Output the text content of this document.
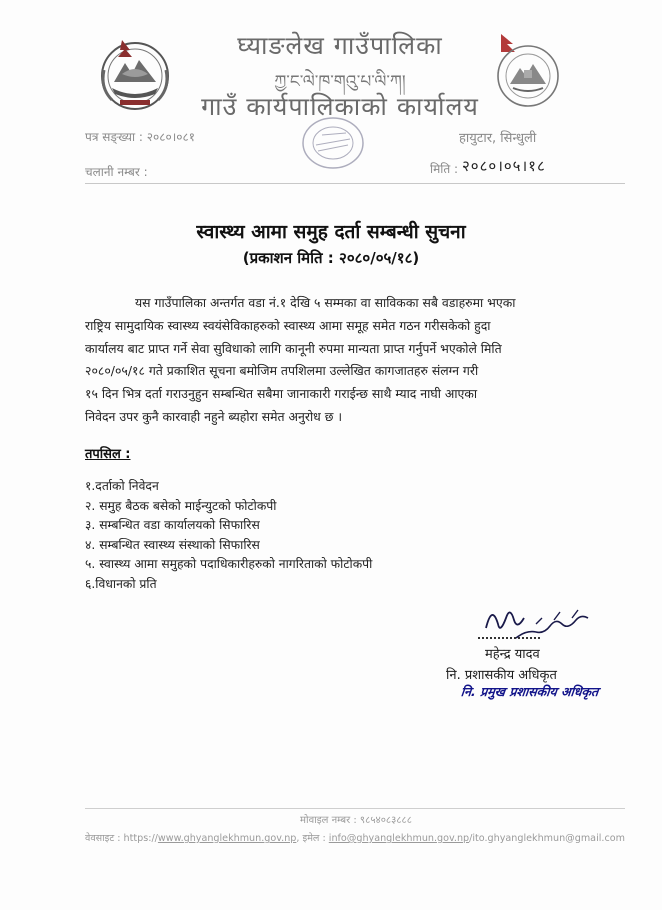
घ्याङलेख गाउँपालिका
ཀྱ་ང་ལེ་ཁ་གའུ་པ་ལི་ཀ།
गाउँ कार्यपालिकाको कार्यालय
पत्र सङ्ख्या : २०८०।०८१
चलानी नम्बर :
हायुटार, सिन्धुली
मिति : २०८०।०५।१८
स्वास्थ्य आमा समुह दर्ता सम्बन्धी सुचना
(प्रकाशन मिति : २०८०/०५/१८)
यस गाउँपालिका अन्तर्गत वडा नं.१ देखि ५ सम्मका वा साविकका सबै वडाहरुमा भएका
राष्ट्रिय सामुदायिक स्वास्थ्य स्वयंसेविकाहरुको स्वास्थ्य आमा समूह समेत गठन गरीसकेको हुदा
कार्यालय बाट प्राप्त गर्ने सेवा सुविधाको लागि कानूनी रुपमा मान्यता प्राप्त गर्नुपर्ने भएकोले मिति
२०८०/०५/१८ गते प्रकाशित सूचना बमोजिम तपशिलमा उल्लेखित कागजातहरु संलग्न गरी
१५ दिन भित्र दर्ता गराउनुहुन सम्बन्धित सबैमा जानाकारी गराईन्छ साथै म्याद नाघी आएका
निवेदन उपर कुनै कारवाही नहुने ब्यहोरा समेत अनुरोध छ ।
तपसिल :
१.दर्ताको निवेदन
२. समुह बैठक बसेको माईन्युटको फोटोकपी
३. सम्बन्धित वडा कार्यालयको सिफारिस
४. सम्बन्धित स्वास्थ्य संस्थाको सिफारिस
५. स्वास्थ्य आमा समुहको पदाधिकारीहरुको नागरिताको फोटोकपी
६.विधानको प्रति
महेन्द्र यादव
नि. प्रशासकीय अधिकृत
नि. प्रमुख प्रशासकीय अधिकृत
मोवाइल नम्बर : ९८५४०८३८८८
वेवसाइट : https://www.ghyanglekhmun.gov.np, इमेल : info@ghyanglekhmun.gov.np/ito.ghyanglekhmun@gmail.com
